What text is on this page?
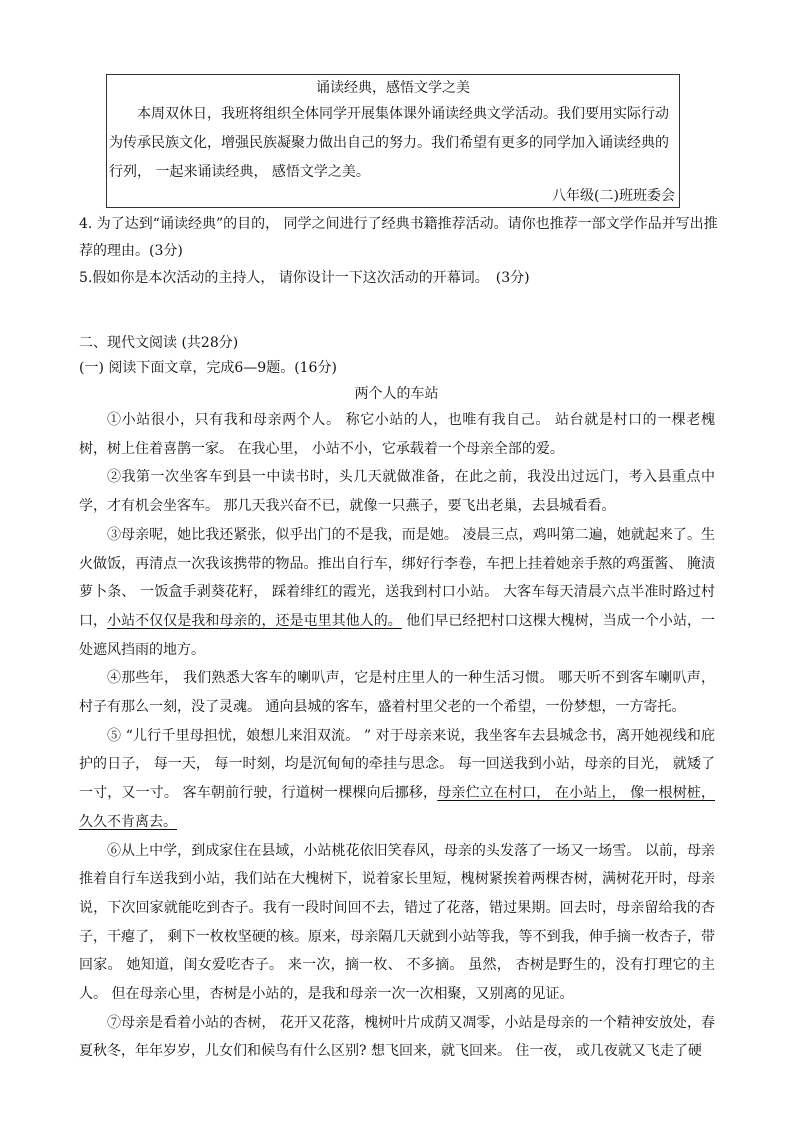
诵读经典，感悟文学之美

本周双休日，我班将组织全体同学开展集体课外诵读经典文学活动。我们要用实际行动为传承民族文化，增强民族凝聚力做出自己的努力。我们希望有更多的同学加入诵读经典的行列， 一起来诵读经典， 感悟文学之美。

八年级(二)班班委会

4. 为了达到“诵读经典”的目的， 同学之间进行了经典书籍推荐活动。请你也推荐一部文学作品并写出推荐的理由。(3分)

5.假如你是本次活动的主持人， 请你设计一下这次活动的开幕词。　(3分)

二、现代文阅读 (共28分)

(一) 阅读下面文章，完成6—9题。(16分)

两个人的车站

①小站很小，只有我和母亲两个人。 称它小站的人，也唯有我自己。 站台就是村口的一棵老槐树，树上住着喜鹊一家。 在我心里， 小站不小，它承载着一个母亲全部的爱。

②我第一次坐客车到县一中读书时，头几天就做准备，在此之前，我没出过远门，考入县重点中学，才有机会坐客车。 那几天我兴奋不已，就像一只燕子，要飞出老巢，去县城看看。

③母亲呢，她比我还紧张，似乎出门的不是我，而是她。 凌晨三点，鸡叫第二遍，她就起来了。生火做饭，再清点一次我该携带的物品。推出自行车，绑好行李卷，车把上挂着她亲手熬的鸡蛋酱、 腌渍萝卜条、 一饭盒手剥葵花籽， 踩着绯红的霞光，送我到村口小站。 大客车每天清晨六点半准时路过村口，小站不仅仅是我和母亲的，还是屯里其他人的。 他们早已经把村口这棵大槐树，当成一个小站，一处遮风挡雨的地方。

④那些年， 我们熟悉大客车的喇叭声，它是村庄里人的一种生活习惯。 哪天听不到客车喇叭声，村子有那么一刻，没了灵魂。 通向县城的客车，盛着村里父老的一个希望，一份梦想，一方寄托。

⑤ “儿行千里母担忧，娘想儿来泪双流。 ” 对于母亲来说，我坐客车去县城念书，离开她视线和庇护的日子， 每一天， 每一时刻，均是沉甸甸的牵挂与思念。 每一回送我到小站，母亲的目光， 就矮了一寸，又一寸。 客车朝前行驶，行道树一棵棵向后挪移，母亲伫立在村口， 在小站上， 像一根树桩，久久不肯离去。

⑥从上中学，到成家住在县域，小站桃花依旧笑春风，母亲的头发落了一场又一场雪。 以前，母亲推着自行车送我到小站，我们站在大槐树下，说着家长里短，槐树紧挨着两棵杏树，满树花开时，母亲说，下次回家就能吃到杏子。我有一段时间回不去，错过了花落，错过果期。回去时，母亲留给我的杏子，干瘪了， 剩下一枚枚坚硬的核。原来，母亲隔几天就到小站等我，等不到我，伸手摘一枚杏子，带回家。 她知道，闺女爱吃杏子。 来一次，摘一枚、 不多摘。 虽然， 杏树是野生的，没有打理它的主人。 但在母亲心里，杏树是小站的，是我和母亲一次一次相聚，又别离的见证。

⑦母亲是看着小站的杏树， 花开又花落，槐树叶片成荫又凋零，小站是母亲的一个精神安放处，春夏秋冬，年年岁岁，儿女们和候鸟有什么区别? 想飞回来，就飞回来。 住一夜， 或几夜就又飞走了硬
